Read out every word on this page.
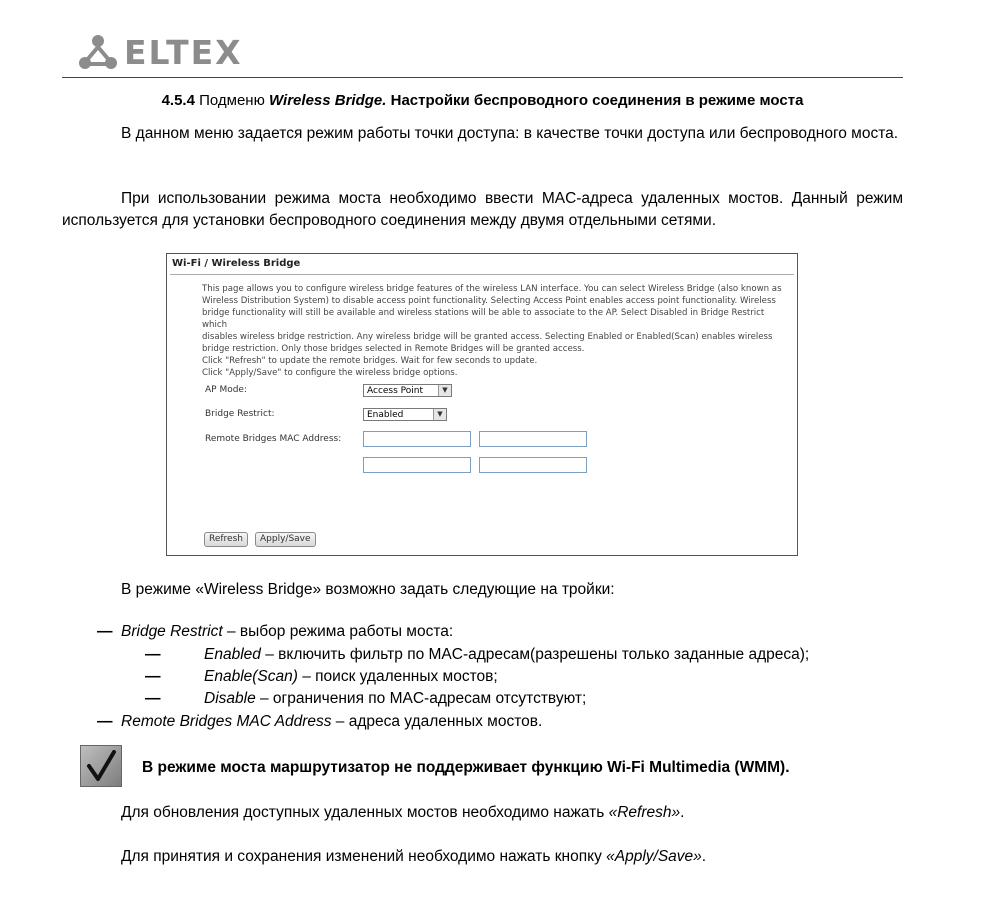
ELTEX
4.5.4 Подменю Wireless Bridge. Настройки беспроводного соединения в режиме моста
В данном меню задается режим работы точки доступа: в качестве точки доступа или беспроводного моста.
При использовании режима моста необходимо ввести MAC-адреса удаленных мостов. Данный режим используется для установки беспроводного соединения между двумя отдельными сетями.
Wi-Fi / Wireless Bridge
This page allows you to configure wireless bridge features of the wireless LAN interface. You can select Wireless Bridge (also known as
Wireless Distribution System) to disable access point functionality. Selecting Access Point enables access point functionality. Wireless
bridge functionality will still be available and wireless stations will be able to associate to the AP. Select Disabled in Bridge Restrict which
disables wireless bridge restriction. Any wireless bridge will be granted access. Selecting Enabled or Enabled(Scan) enables wireless
bridge restriction. Only those bridges selected in Remote Bridges will be granted access.
Click "Refresh" to update the remote bridges. Wait for few seconds to update.
Click "Apply/Save" to configure the wireless bridge options.
AP Mode:	Access Point	▼
Bridge Restrict:	Enabled	▼
Remote Bridges MAC Address:
Refresh	Apply/Save
В режиме «Wireless Bridge» возможно задать следующие на тройки:
— Bridge Restrict – выбор режима работы моста:
—	Enabled – включить фильтр по MAC-адресам(разрешены только заданные адреса);
—	Enable(Scan) – поиск удаленных мостов;
—	Disable – ограничения по MAC-адресам отсутствуют;
— Remote Bridges MAC Address – адреса удаленных мостов.
В режиме моста маршрутизатор не поддерживает функцию Wi-Fi Multimedia (WMM).
Для обновления доступных удаленных мостов необходимо нажать «Refresh».
Для принятия и сохранения изменений необходимо нажать кнопку «Apply/Save».
